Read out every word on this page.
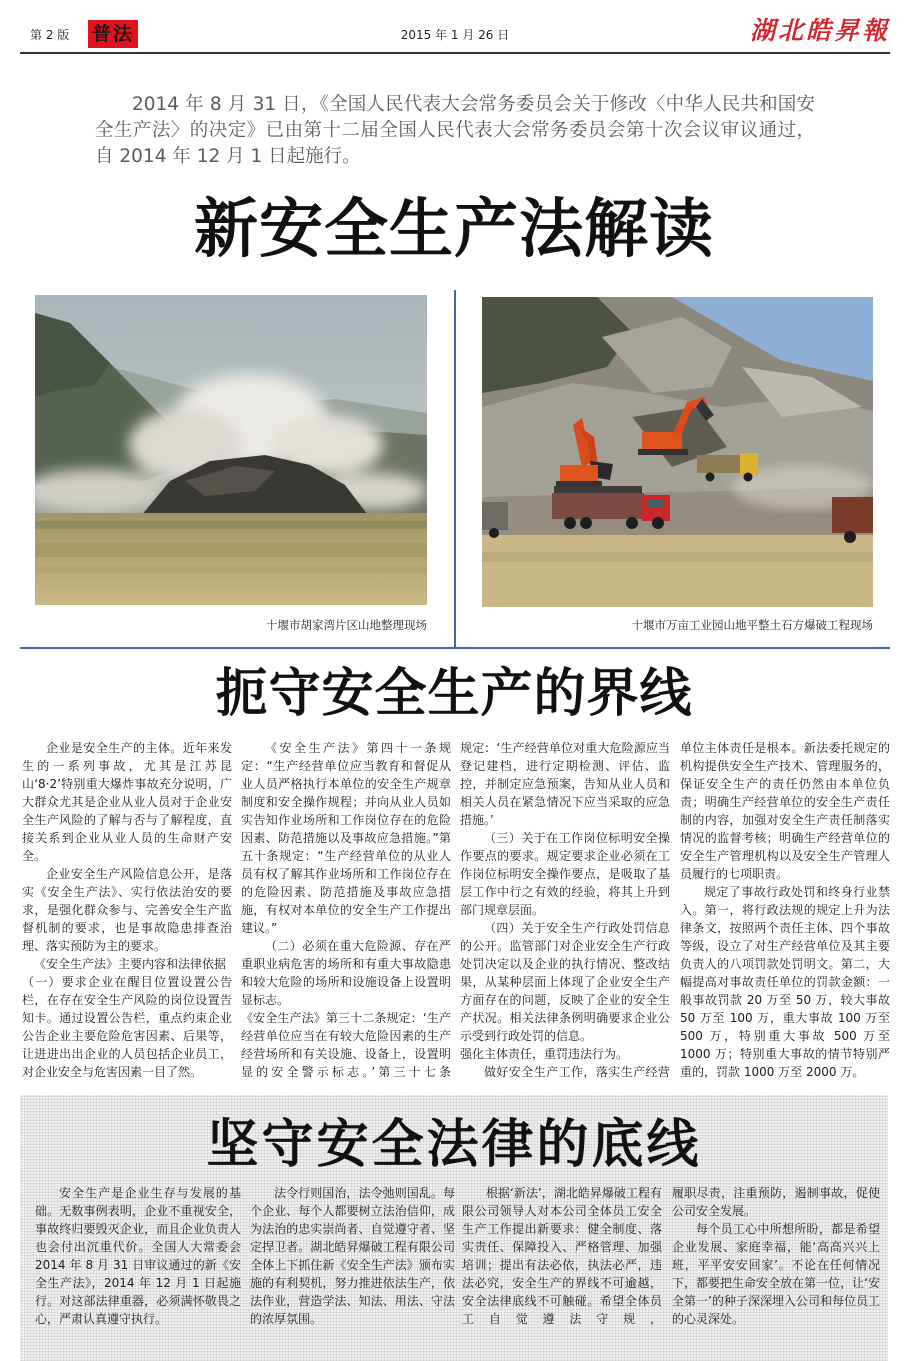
第 2 版 普法	2015 年 1 月 26 日	湖北皓昇報

2014 年 8 月 31 日，《全国人民代表大会常务委员会关于修改〈中华人民共和国安全生产法〉的决定》已由第十二届全国人民代表大会常务委员会第十次会议审议通过，自 2014 年 12 月 1 日起施行。

新安全生产法解读
十堰市胡家湾片区山地整理现场	十堰市万亩工业园山地平整土石方爆破工程现场
扼守安全生产的界线

企业是安全生产的主体。近年来发生的一系列事故，尤其是江苏昆山‘8·2’特别重大爆炸事故充分说明，广大群众尤其是企业从业人员对于企业安全生产风险的了解与否与了解程度，直接关系到企业从业人员的生命财产安全。

企业安全生产风险信息公开，是落实《安全生产法》、实行依法治安的要求，是强化群众参与、完善安全生产监督机制的要求，也是事故隐患排查治理、落实预防为主的要求。

《安全生产法》主要内容和法律依据

（一）要求企业在醒目位置设置公告栏，在存在安全生产风险的岗位设置告知卡。通过设置公告栏，重点约束企业公告企业主要危险危害因素、后果等，让进进出出企业的人员包括企业员工，对企业安全与危害因素一目了然。

《安全生产法》第四十一条规定：“生产经营单位应当教育和督促从业人员严格执行本单位的安全生产规章制度和安全操作规程；并向从业人员如实告知作业场所和工作岗位存在的危险因素、防范措施以及事故应急措施。”第五十条规定：“生产经营单位的从业人员有权了解其作业场所和工作岗位存在的危险因素、防范措施及事故应急措施，有权对本单位的安全生产工作提出建议。”

（二）必须在重大危险源、存在严重职业病危害的场所和有重大事故隐患和较大危险的场所和设施设备上设置明显标志。

《安全生产法》第三十二条规定：‘生产经营单位应当在有较大危险因素的生产经营场所和有关设施、设备上，设置明显的安全警示标志。’第三十七条

规定：‘生产经营单位对重大危险源应当登记建档，进行定期检测、评估、监控，并制定应急预案，告知从业人员和相关人员在紧急情况下应当采取的应急措施。’

（三）关于在工作岗位标明安全操作要点的要求。规定要求企业必须在工作岗位标明安全操作要点，是吸取了基层工作中行之有效的经验，将其上升到部门规章层面。

（四）关于安全生产行政处罚信息的公开。监管部门对企业安全生产行政处罚决定以及企业的执行情况、整改结果，从某种层面上体现了企业安全生产方面存在的问题，反映了企业的安全生产状况。相关法律条例明确要求企业公示受到行政处罚的信息。

强化主体责任，重罚违法行为。

做好安全生产工作，落实生产经营

单位主体责任是根本。新法委托规定的机构提供安全生产技术、管理服务的，保证安全生产的责任仍然由本单位负责；明确生产经营单位的安全生产责任制的内容，加强对安全生产责任制落实情况的监督考核；明确生产经营单位的安全生产管理机构以及安全生产管理人员履行的七项职责。

规定了事故行政处罚和终身行业禁入。第一，将行政法规的规定上升为法律条文，按照两个责任主体、四个事故等级，设立了对生产经营单位及其主要负责人的八项罚款处罚明文。第二，大幅提高对事故责任单位的罚款金额：一般事故罚款 20 万至 50 万，较大事故 50 万至 100 万，重大事故 100 万至 500 万，特别重大事故 500 万至 1000 万；特别重大事故的情节特别严重的，罚款 1000 万至 2000 万。

坚守安全法律的底线

安全生产是企业生存与发展的基础。无数事例表明，企业不重视安全，事故终归要毁灭企业，而且企业负责人也会付出沉重代价。全国人大常委会 2014 年 8 月 31 日审议通过的新《安全生产法》，2014 年 12 月 1 日起施行。对这部法律重器，必须满怀敬畏之心，严肃认真遵守执行。

法令行则国治，法令弛则国乱。每个企业、每个人都要树立法治信仰，成为法治的忠实崇尚者、自觉遵守者、坚定捍卫者。湖北皓昇爆破工程有限公司全体上下抓住新《安全生产法》颁布实施的有利契机，努力推进依法生产，依法作业，营造学法、知法、用法、守法的浓厚氛围。

根据‘新法’，湖北皓昇爆破工程有限公司领导人对本公司全体员工安全生产工作提出新要求：健全制度、落实责任、保障投入、严格管理、加强培训；提出有法必依，执法必严，违法必究，安全生产的界线不可逾越，安全法律底线不可触碰。希望全体员工自觉遵法守规，

履职尽责，注重预防，遏制事故，促使公司安全发展。

每个员工心中所想所盼，都是希望企业发展、家庭幸福，能‘高高兴兴上班，平平安安回家’。不论在任何情况下，都要把生命安全放在第一位，让‘安全第一’的种子深深埋入公司和每位员工的心灵深处。
